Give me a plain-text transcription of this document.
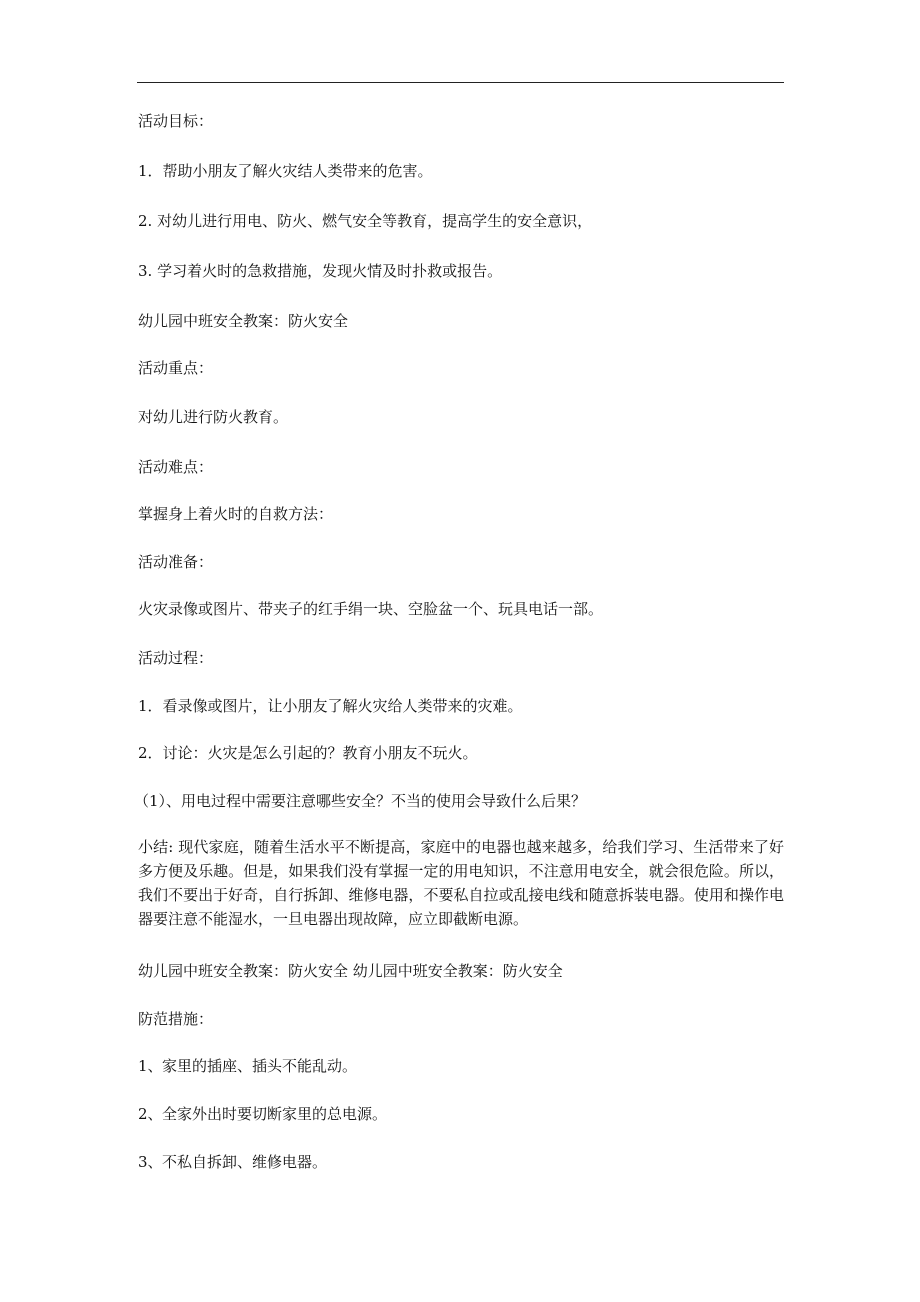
活动目标：

1．帮助小朋友了解火灾结人类带来的危害。

2. 对幼儿进行用电、防火、燃气安全等教育，提高学生的安全意识，

3. 学习着火时的急救措施，发现火情及时扑救或报告。

幼儿园中班安全教案：防火安全

活动重点：

对幼儿进行防火教育。

活动难点：

掌握身上着火时的自救方法：

活动准备：

火灾录像或图片、带夹子的红手绢一块、空脸盆一个、玩具电话一部。

活动过程：

1．看录像或图片，让小朋友了解火灾给人类带来的灾难。

2．讨论：火灾是怎么引起的？教育小朋友不玩火。

（1）、用电过程中需要注意哪些安全？不当的使用会导致什么后果？

小结: 现代家庭，随着生活水平不断提高，家庭中的电器也越来越多，给我们学习、生活带来了好多方便及乐趣。但是，如果我们没有掌握一定的用电知识，不注意用电安全，就会很危险。所以，我们不要出于好奇，自行拆卸、维修电器，不要私自拉或乱接电线和随意拆装电器。使用和操作电器要注意不能湿水，一旦电器出现故障，应立即截断电源。

幼儿园中班安全教案：防火安全 幼儿园中班安全教案：防火安全

防范措施：

1、家里的插座、插头不能乱动。

2、全家外出时要切断家里的总电源。

3、不私自拆卸、维修电器。
